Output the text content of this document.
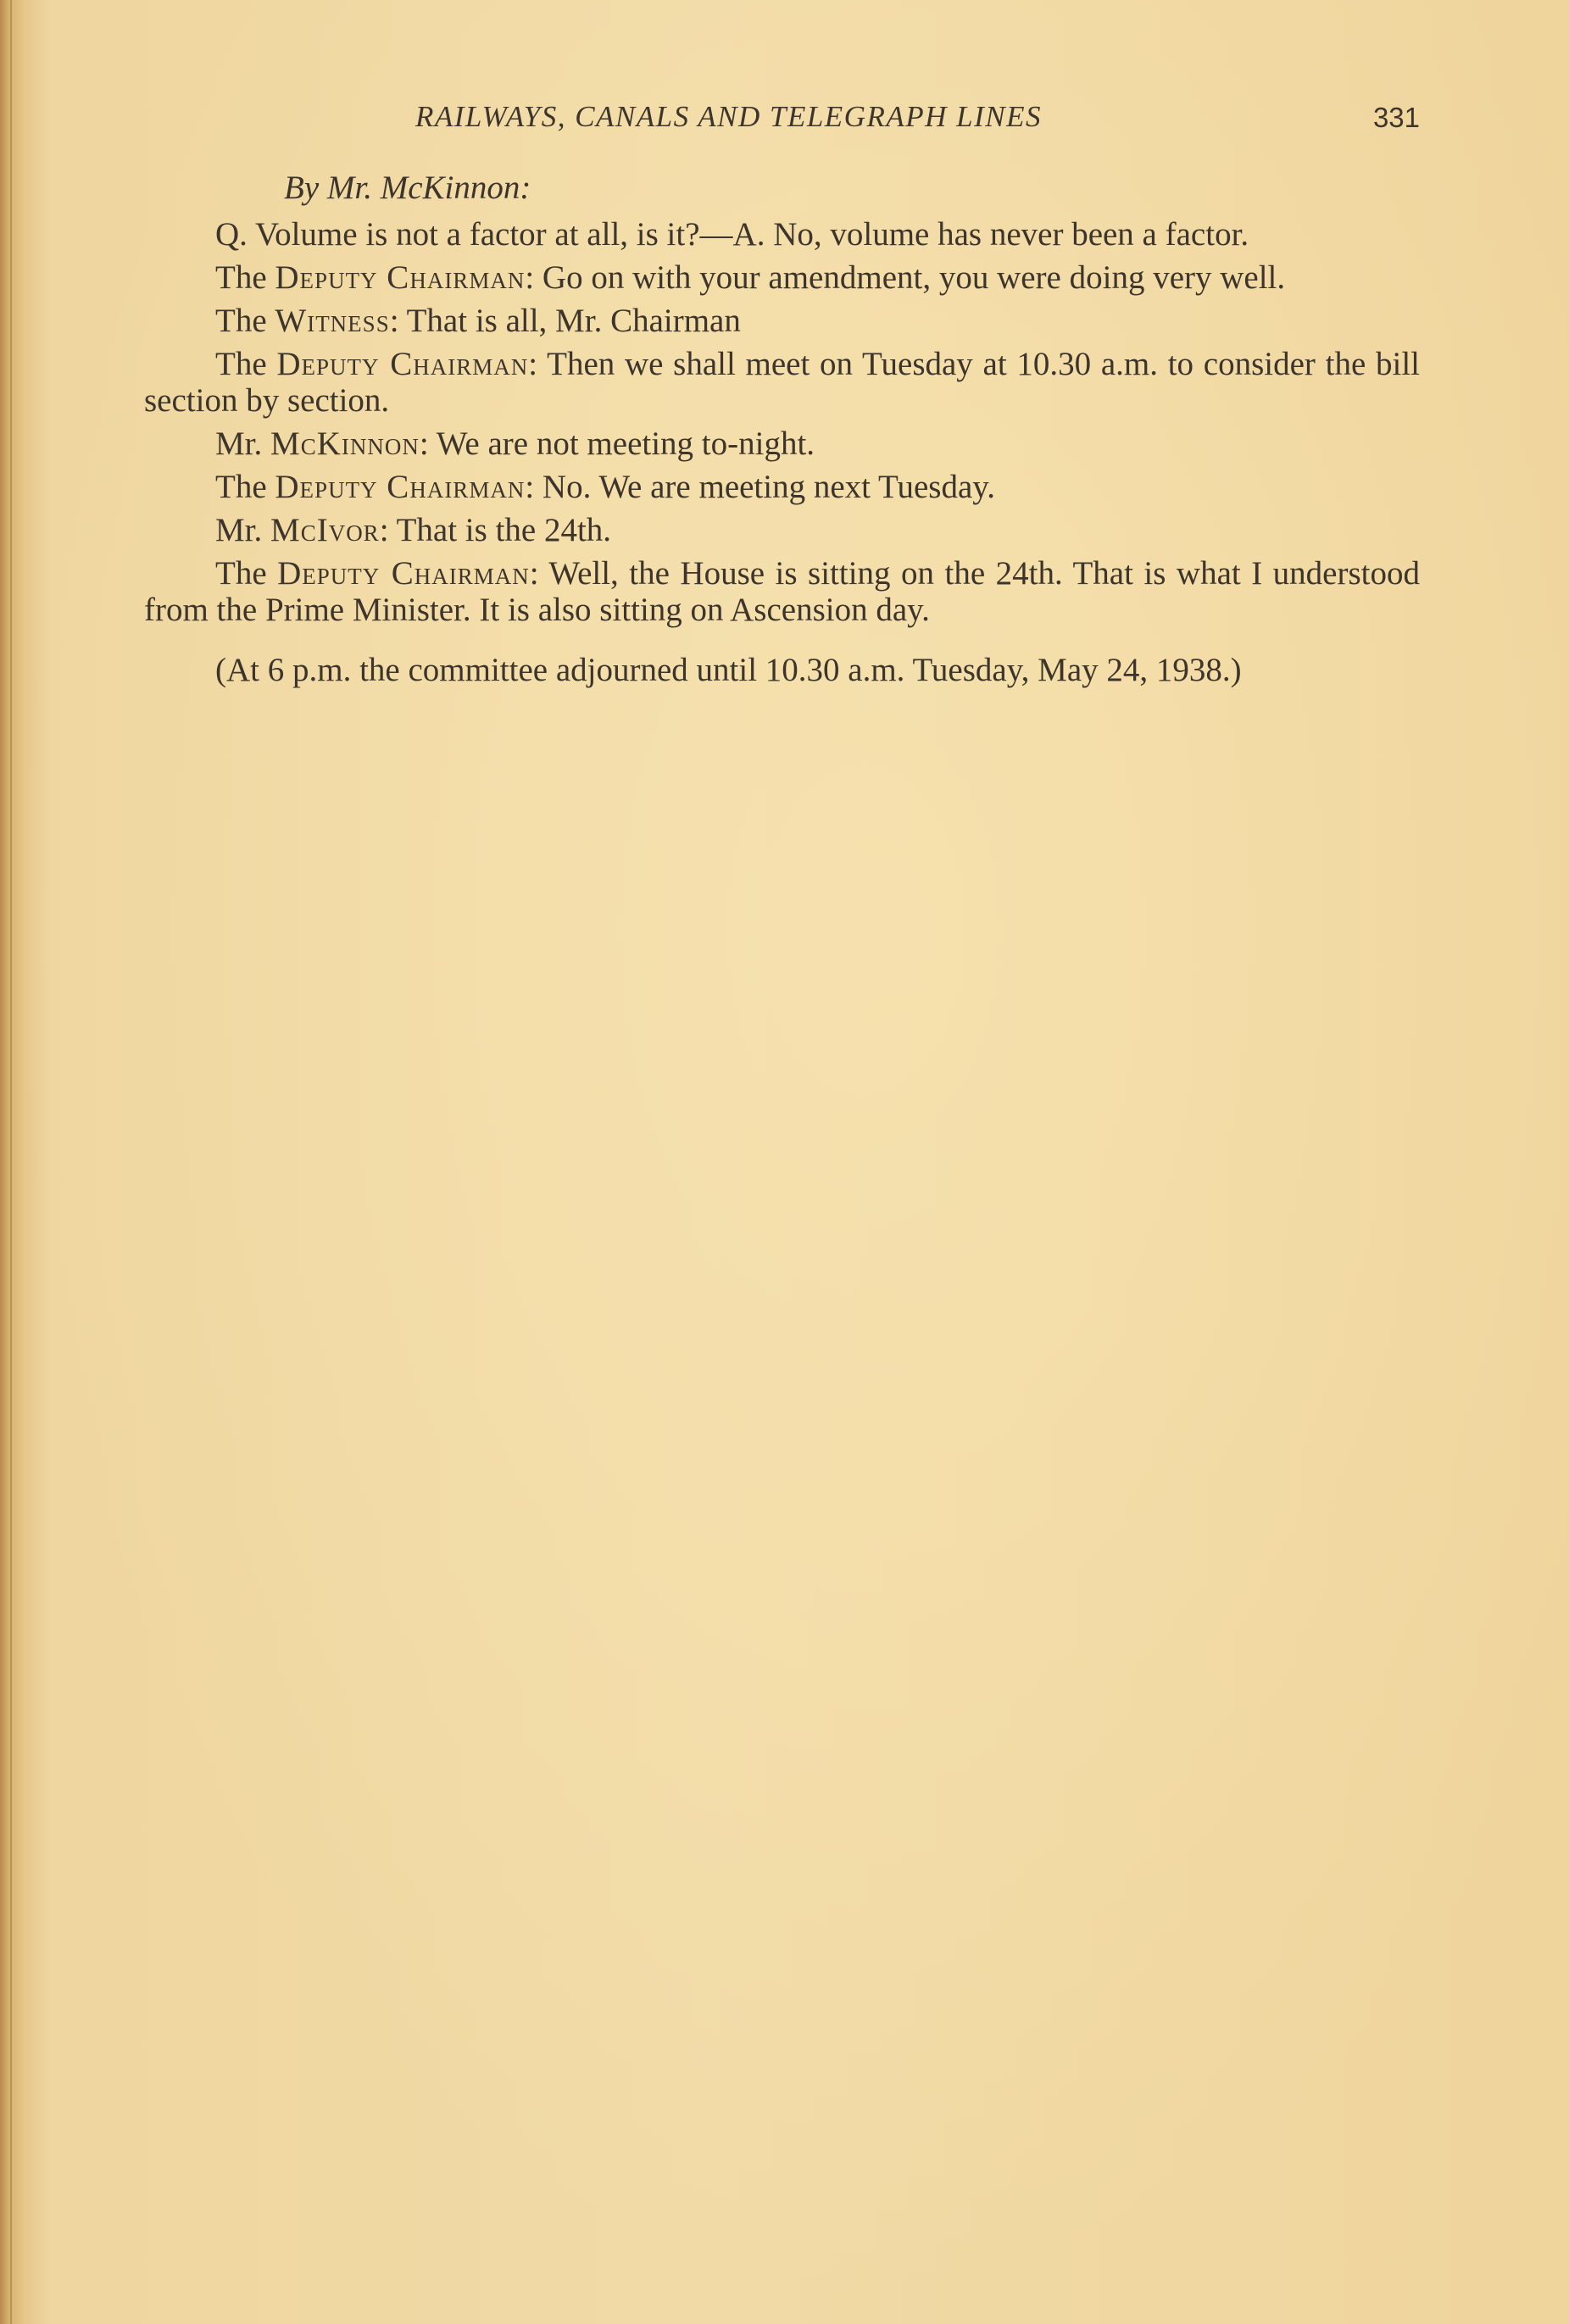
RAILWAYS, CANALS AND TELEGRAPH LINES	331

By Mr. McKinnon:

Q. Volume is not a factor at all, is it?—A. No, volume has never been a factor.

The Deputy Chairman: Go on with your amendment, you were doing very well.

The Witness: That is all, Mr. Chairman

The Deputy Chairman: Then we shall meet on Tuesday at 10.30 a.m. to consider the bill section by section.

Mr. McKinnon: We are not meeting to-night.

The Deputy Chairman: No. We are meeting next Tuesday.

Mr. McIvor: That is the 24th.

The Deputy Chairman: Well, the House is sitting on the 24th. That is what I understood from the Prime Minister. It is also sitting on Ascension day.

(At 6 p.m. the committee adjourned until 10.30 a.m. Tuesday, May 24, 1938.)
